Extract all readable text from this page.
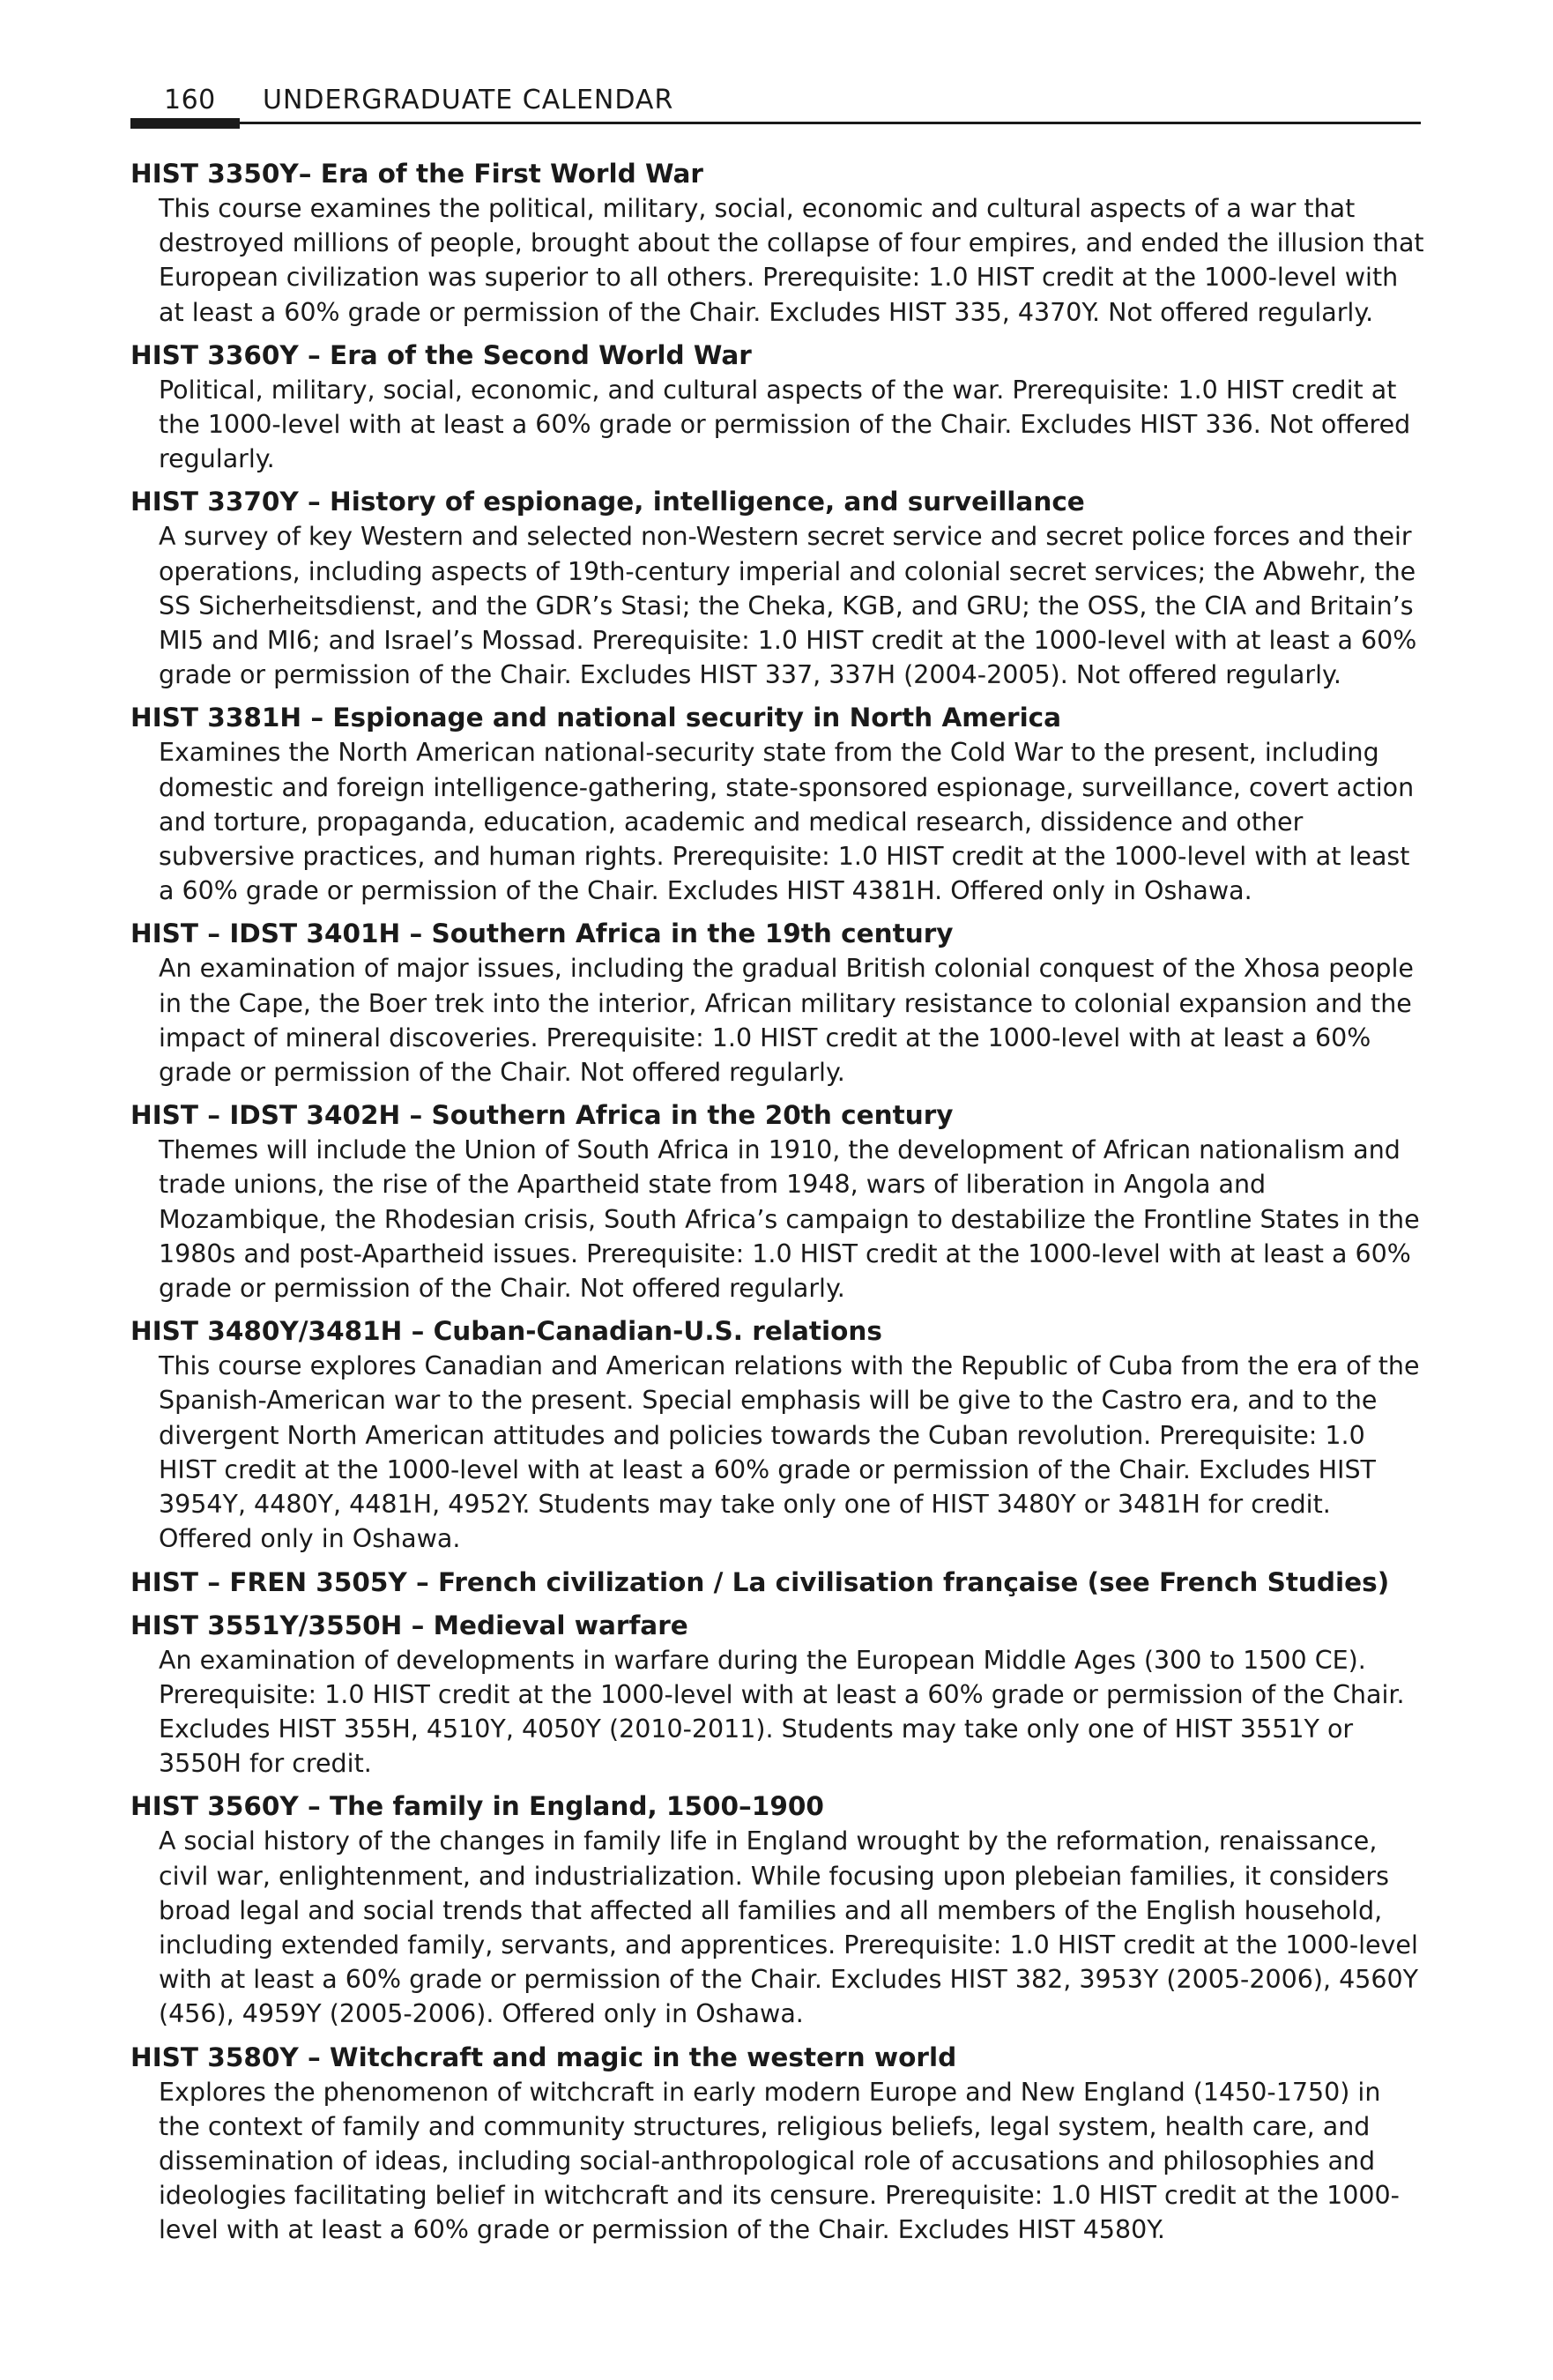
160 UNDERGRADUATE CALENDAR

HIST 3350Y– Era of the First World War

This course examines the political, military, social, economic and cultural aspects of a war that destroyed millions of people, brought about the collapse of four empires, and ended the illusion that European civilization was superior to all others. Prerequisite: 1.0 HIST credit at the 1000-level with at least a 60% grade or permission of the Chair. Excludes HIST 335, 4370Y. Not offered regularly.

HIST 3360Y – Era of the Second World War

Political, military, social, economic, and cultural aspects of the war. Prerequisite: 1.0 HIST credit at the 1000-level with at least a 60% grade or permission of the Chair. Excludes HIST 336. Not offered regularly.

HIST 3370Y – History of espionage, intelligence, and surveillance

A survey of key Western and selected non-Western secret service and secret police forces and their operations, including aspects of 19th-century imperial and colonial secret services; the Abwehr, the SS Sicherheitsdienst, and the GDR’s Stasi; the Cheka, KGB, and GRU; the OSS, the CIA and Britain’s MI5 and MI6; and Israel’s Mossad. Prerequisite: 1.0 HIST credit at the 1000-level with at least a 60% grade or permission of the Chair. Excludes HIST 337, 337H (2004-2005). Not offered regularly.

HIST 3381H – Espionage and national security in North America

Examines the North American national-security state from the Cold War to the present, including domestic and foreign intelligence-gathering, state-sponsored espionage, surveillance, covert action and torture, propaganda, education, academic and medical research, dissidence and other subversive practices, and human rights. Prerequisite: 1.0 HIST credit at the 1000-level with at least a 60% grade or permission of the Chair. Excludes HIST 4381H. Offered only in Oshawa.

HIST – IDST 3401H – Southern Africa in the 19th century

An examination of major issues, including the gradual British colonial conquest of the Xhosa people in the Cape, the Boer trek into the interior, African military resistance to colonial expansion and the impact of mineral discoveries. Prerequisite: 1.0 HIST credit at the 1000-level with at least a 60% grade or permission of the Chair. Not offered regularly.

HIST – IDST 3402H – Southern Africa in the 20th century

Themes will include the Union of South Africa in 1910, the development of African nationalism and trade unions, the rise of the Apartheid state from 1948, wars of liberation in Angola and Mozambique, the Rhodesian crisis, South Africa’s campaign to destabilize the Frontline States in the 1980s and post-Apartheid issues. Prerequisite: 1.0 HIST credit at the 1000-level with at least a 60% grade or permission of the Chair. Not offered regularly.

HIST 3480Y/3481H – Cuban-Canadian-U.S. relations

This course explores Canadian and American relations with the Republic of Cuba from the era of the Spanish-American war to the present. Special emphasis will be give to the Castro era, and to the divergent North American attitudes and policies towards the Cuban revolution. Prerequisite: 1.0 HIST credit at the 1000-level with at least a 60% grade or permission of the Chair. Excludes HIST 3954Y, 4480Y, 4481H, 4952Y. Students may take only one of HIST 3480Y or 3481H for credit. Offered only in Oshawa.

HIST – FREN 3505Y – French civilization / La civilisation française (see French Studies)

HIST 3551Y/3550H – Medieval warfare

An examination of developments in warfare during the European Middle Ages (300 to 1500 CE). Prerequisite: 1.0 HIST credit at the 1000-level with at least a 60% grade or permission of the Chair. Excludes HIST 355H, 4510Y, 4050Y (2010-2011). Students may take only one of HIST 3551Y or 3550H for credit.

HIST 3560Y – The family in England, 1500–1900

A social history of the changes in family life in England wrought by the reformation, renaissance, civil war, enlightenment, and industrialization. While focusing upon plebeian families, it considers broad legal and social trends that affected all families and all members of the English household, including extended family, servants, and apprentices. Prerequisite: 1.0 HIST credit at the 1000-level with at least a 60% grade or permission of the Chair. Excludes HIST 382, 3953Y (2005-2006), 4560Y (456), 4959Y (2005-2006). Offered only in Oshawa.

HIST 3580Y – Witchcraft and magic in the western world

Explores the phenomenon of witchcraft in early modern Europe and New England (1450-1750) in the context of family and community structures, religious beliefs, legal system, health care, and dissemination of ideas, including social-anthropological role of accusations and philosophies and ideologies facilitating belief in witchcraft and its censure. Prerequisite: 1.0 HIST credit at the 1000-level with at least a 60% grade or permission of the Chair. Excludes HIST 4580Y.
